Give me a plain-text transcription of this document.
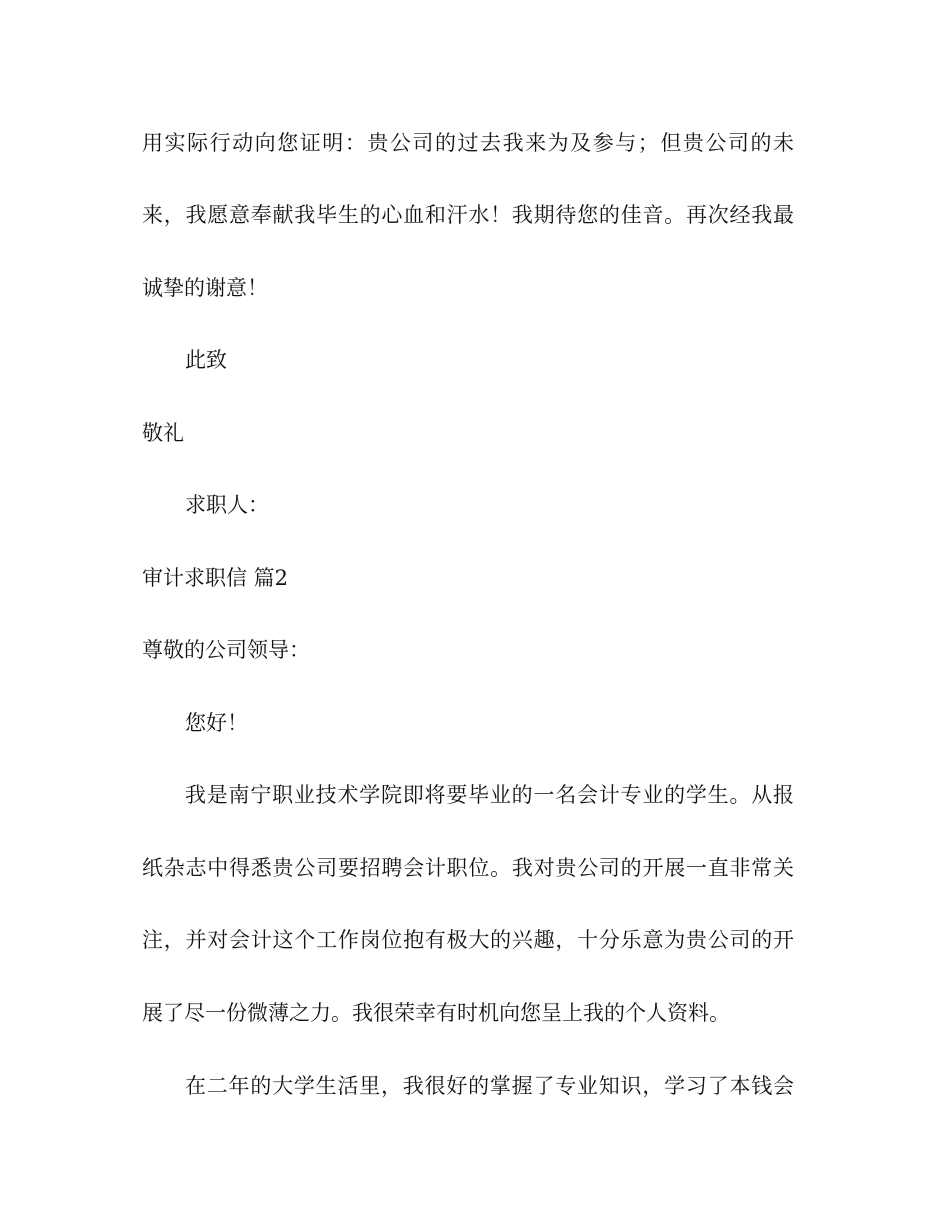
用实际行动向您证明：贵公司的过去我来为及参与；但贵公司的未
来，我愿意奉献我毕生的心血和汗水！我期待您的佳音。再次经我最
诚挚的谢意！
此致
敬礼
求职人：
审计求职信 篇2
尊敬的公司领导：
您好！
我是南宁职业技术学院即将要毕业的一名会计专业的学生。从报
纸杂志中得悉贵公司要招聘会计职位。我对贵公司的开展一直非常关
注，并对会计这个工作岗位抱有极大的兴趣，十分乐意为贵公司的开
展了尽一份微薄之力。我很荣幸有时机向您呈上我的个人资料。
在二年的大学生活里，我很好的掌握了专业知识，学习了本钱会
